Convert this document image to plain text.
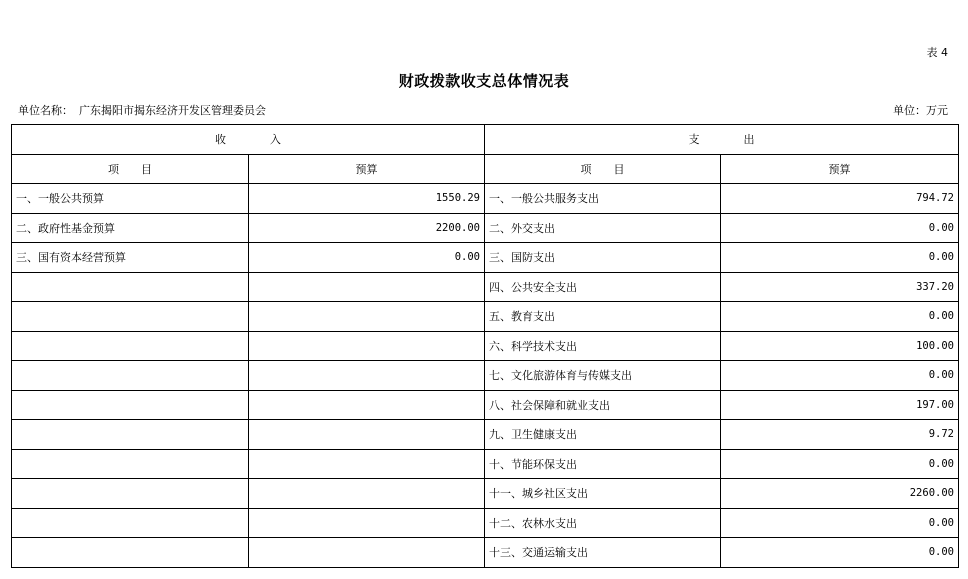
表 4
财政拨款收支总体情况表
单位名称： 广东揭阳市揭东经济开发区管理委员会	单位：万元
收　　　　入		支　　　　出	
项　　目	预算	项　　目	预算
一、一般公共预算	1550.29	一、一般公共服务支出	794.72
二、政府性基金预算	2200.00	二、外交支出	0.00
三、国有资本经营预算	0.00	三、国防支出	0.00
		四、公共安全支出	337.20
		五、教育支出	0.00
		六、科学技术支出	100.00
		七、文化旅游体育与传媒支出	0.00
		八、社会保障和就业支出	197.00
		九、卫生健康支出	9.72
		十、节能环保支出	0.00
		十一、城乡社区支出	2260.00
		十二、农林水支出	0.00
		十三、交通运输支出	0.00
